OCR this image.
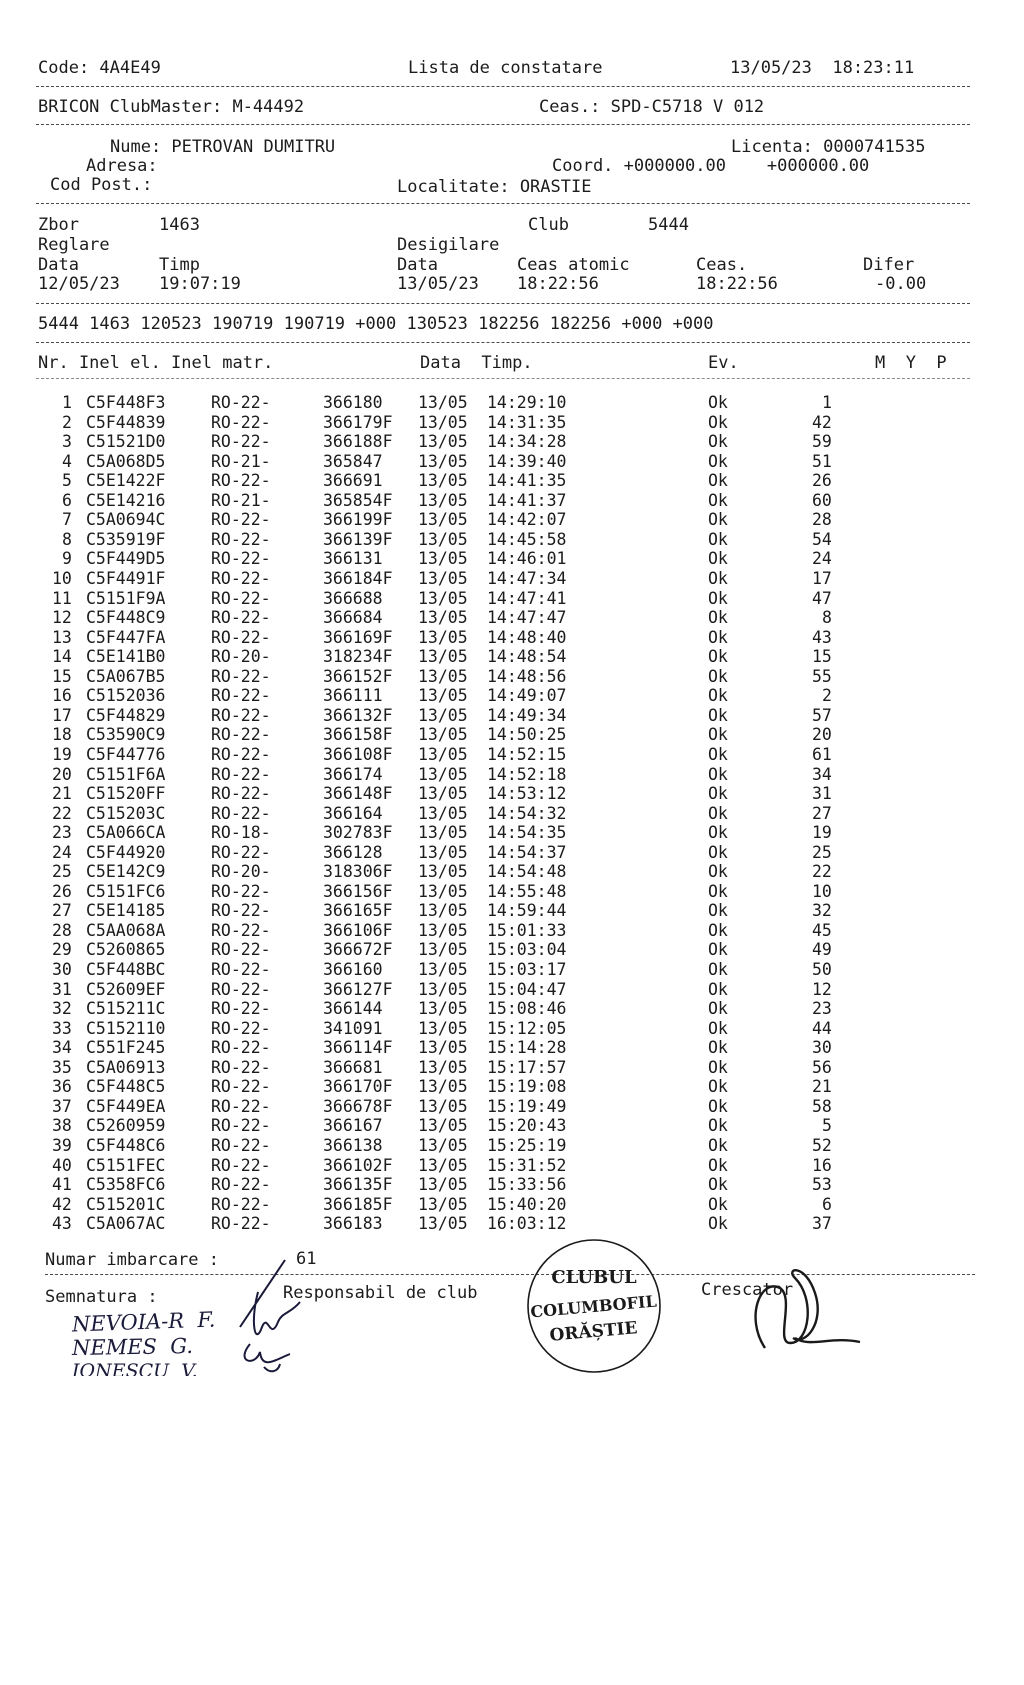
Code: 4A4E49	Lista de constatare	13/05/23  18:23:11
BRICON ClubMaster: M-44492	Ceas.: SPD-C5718 V 012
Nume: PETROVAN DUMITRU	Licenta: 0000741535
Adresa:	Coord. +000000.00    +000000.00
Cod Post.:	Localitate: ORASTIE
Zbor	1463	Club	5444
Reglare	Desigilare
Data	Timp	Data	Ceas atomic	Ceas.	Difer
12/05/23 19:07:19	13/05/23 18:22:56	18:22:56	-0.00
5444 1463 120523 190719 190719 +000 130523 182256 182256 +000 +000
Nr. Inel el. Inel matr.	Data  Timp.	Ev.	M  Y  P
1 C5F448F3	RO-22-	366180 13/05 14:29:10	Ok	1
2 C5F44839	RO-22-	366179F 13/05 14:31:35	Ok	42
3 C51521D0	RO-22-	366188F 13/05 14:34:28	Ok	59
4 C5A068D5	RO-21-	365847 13/05 14:39:40	Ok	51
5 C5E1422F	RO-22-	366691 13/05 14:41:35	Ok	26
6 C5E14216	RO-21-	365854F 13/05 14:41:37	Ok	60
7 C5A0694C	RO-22-	366199F 13/05 14:42:07	Ok	28
8 C535919F	RO-22-	366139F 13/05 14:45:58	Ok	54
9 C5F449D5	RO-22-	366131 13/05 14:46:01	Ok	24
10 C5F4491F	RO-22-	366184F 13/05 14:47:34	Ok	17
11 C5151F9A	RO-22-	366688 13/05 14:47:41	Ok	47
12 C5F448C9	RO-22-	366684 13/05 14:47:47	Ok	8
13 C5F447FA	RO-22-	366169F 13/05 14:48:40	Ok	43
14 C5E141B0	RO-20-	318234F 13/05 14:48:54	Ok	15
15 C5A067B5	RO-22-	366152F 13/05 14:48:56	Ok	55
16 C5152036	RO-22-	366111 13/05 14:49:07	Ok	2
17 C5F44829	RO-22-	366132F 13/05 14:49:34	Ok	57
18 C53590C9	RO-22-	366158F 13/05 14:50:25	Ok	20
19 C5F44776	RO-22-	366108F 13/05 14:52:15	Ok	61
20 C5151F6A	RO-22-	366174 13/05 14:52:18	Ok	34
21 C51520FF	RO-22-	366148F 13/05 14:53:12	Ok	31
22 C515203C	RO-22-	366164 13/05 14:54:32	Ok	27
23 C5A066CA	RO-18-	302783F 13/05 14:54:35	Ok	19
24 C5F44920	RO-22-	366128 13/05 14:54:37	Ok	25
25 C5E142C9	RO-20-	318306F 13/05 14:54:48	Ok	22
26 C5151FC6	RO-22-	366156F 13/05 14:55:48	Ok	10
27 C5E14185	RO-22-	366165F 13/05 14:59:44	Ok	32
28 C5AA068A	RO-22-	366106F 13/05 15:01:33	Ok	45
29 C5260865	RO-22-	366672F 13/05 15:03:04	Ok	49
30 C5F448BC	RO-22-	366160 13/05 15:03:17	Ok	50
31 C52609EF	RO-22-	366127F 13/05 15:04:47	Ok	12
32 C515211C	RO-22-	366144 13/05 15:08:46	Ok	23
33 C5152110	RO-22-	341091 13/05 15:12:05	Ok	44
34 C551F245	RO-22-	366114F 13/05 15:14:28	Ok	30
35 C5A06913	RO-22-	366681 13/05 15:17:57	Ok	56
36 C5F448C5	RO-22-	366170F 13/05 15:19:08	Ok	21
37 C5F449EA	RO-22-	366678F 13/05 15:19:49	Ok	58
38 C5260959	RO-22-	366167 13/05 15:20:43	Ok	5
39 C5F448C6	RO-22-	366138 13/05 15:25:19	Ok	52
40 C5151FEC	RO-22-	366102F 13/05 15:31:52	Ok	16
41 C5358FC6	RO-22-	366135F 13/05 15:33:56	Ok	53
42 C515201C	RO-22-	366185F 13/05 15:40:20	Ok	6
43 C5A067AC	RO-22-	366183 13/05 16:03:12	Ok	37
Numar imbarcare :	61
Semnatura :	Responsabil de club	Crescator
NEVOIA-R  F.
NEMES  G.
IONESCU  V.
CLUBUL
COLUMBOFIL
ORĂȘTIE
